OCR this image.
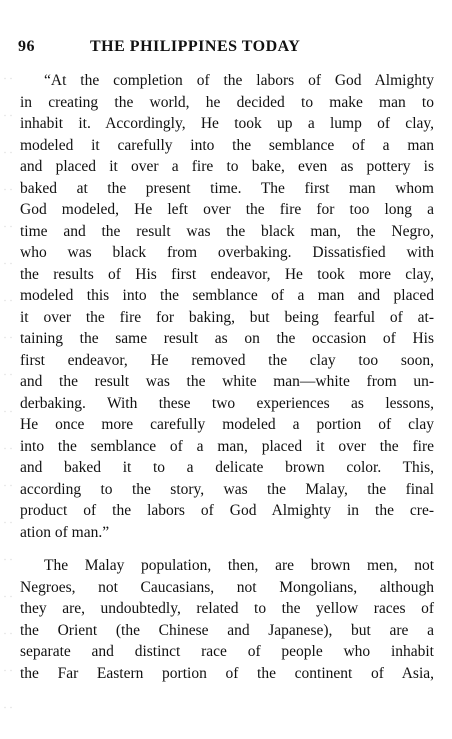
96	THE PHILIPPINES TODAY
“At the completion of the labors of God Almighty
in creating the world, he decided to make man to
inhabit it. Accordingly, He took up a lump of clay,
modeled it carefully into the semblance of a man
and placed it over a fire to bake, even as pottery is
baked at the present time. The first man whom
God modeled, He left over the fire for too long a
time and the result was the black man, the Negro,
who was black from overbaking. Dissatisfied with
the results of His first endeavor, He took more clay,
modeled this into the semblance of a man and placed
it over the fire for baking, but being fearful of at-
taining the same result as on the occasion of His
first endeavor, He removed the clay too soon,
and the result was the white man—white from un-
derbaking. With these two experiences as lessons,
He once more carefully modeled a portion of clay
into the semblance of a man, placed it over the fire
and baked it to a delicate brown color. This,
according to the story, was the Malay, the final
product of the labors of God Almighty in the cre-
ation of man.”
The Malay population, then, are brown men, not
Negroes, not Caucasians, not Mongolians, although
they are, undoubtedly, related to the yellow races of
the Orient (the Chinese and Japanese), but are a
separate and distinct race of people who inhabit
the Far Eastern portion of the continent of Asia,
